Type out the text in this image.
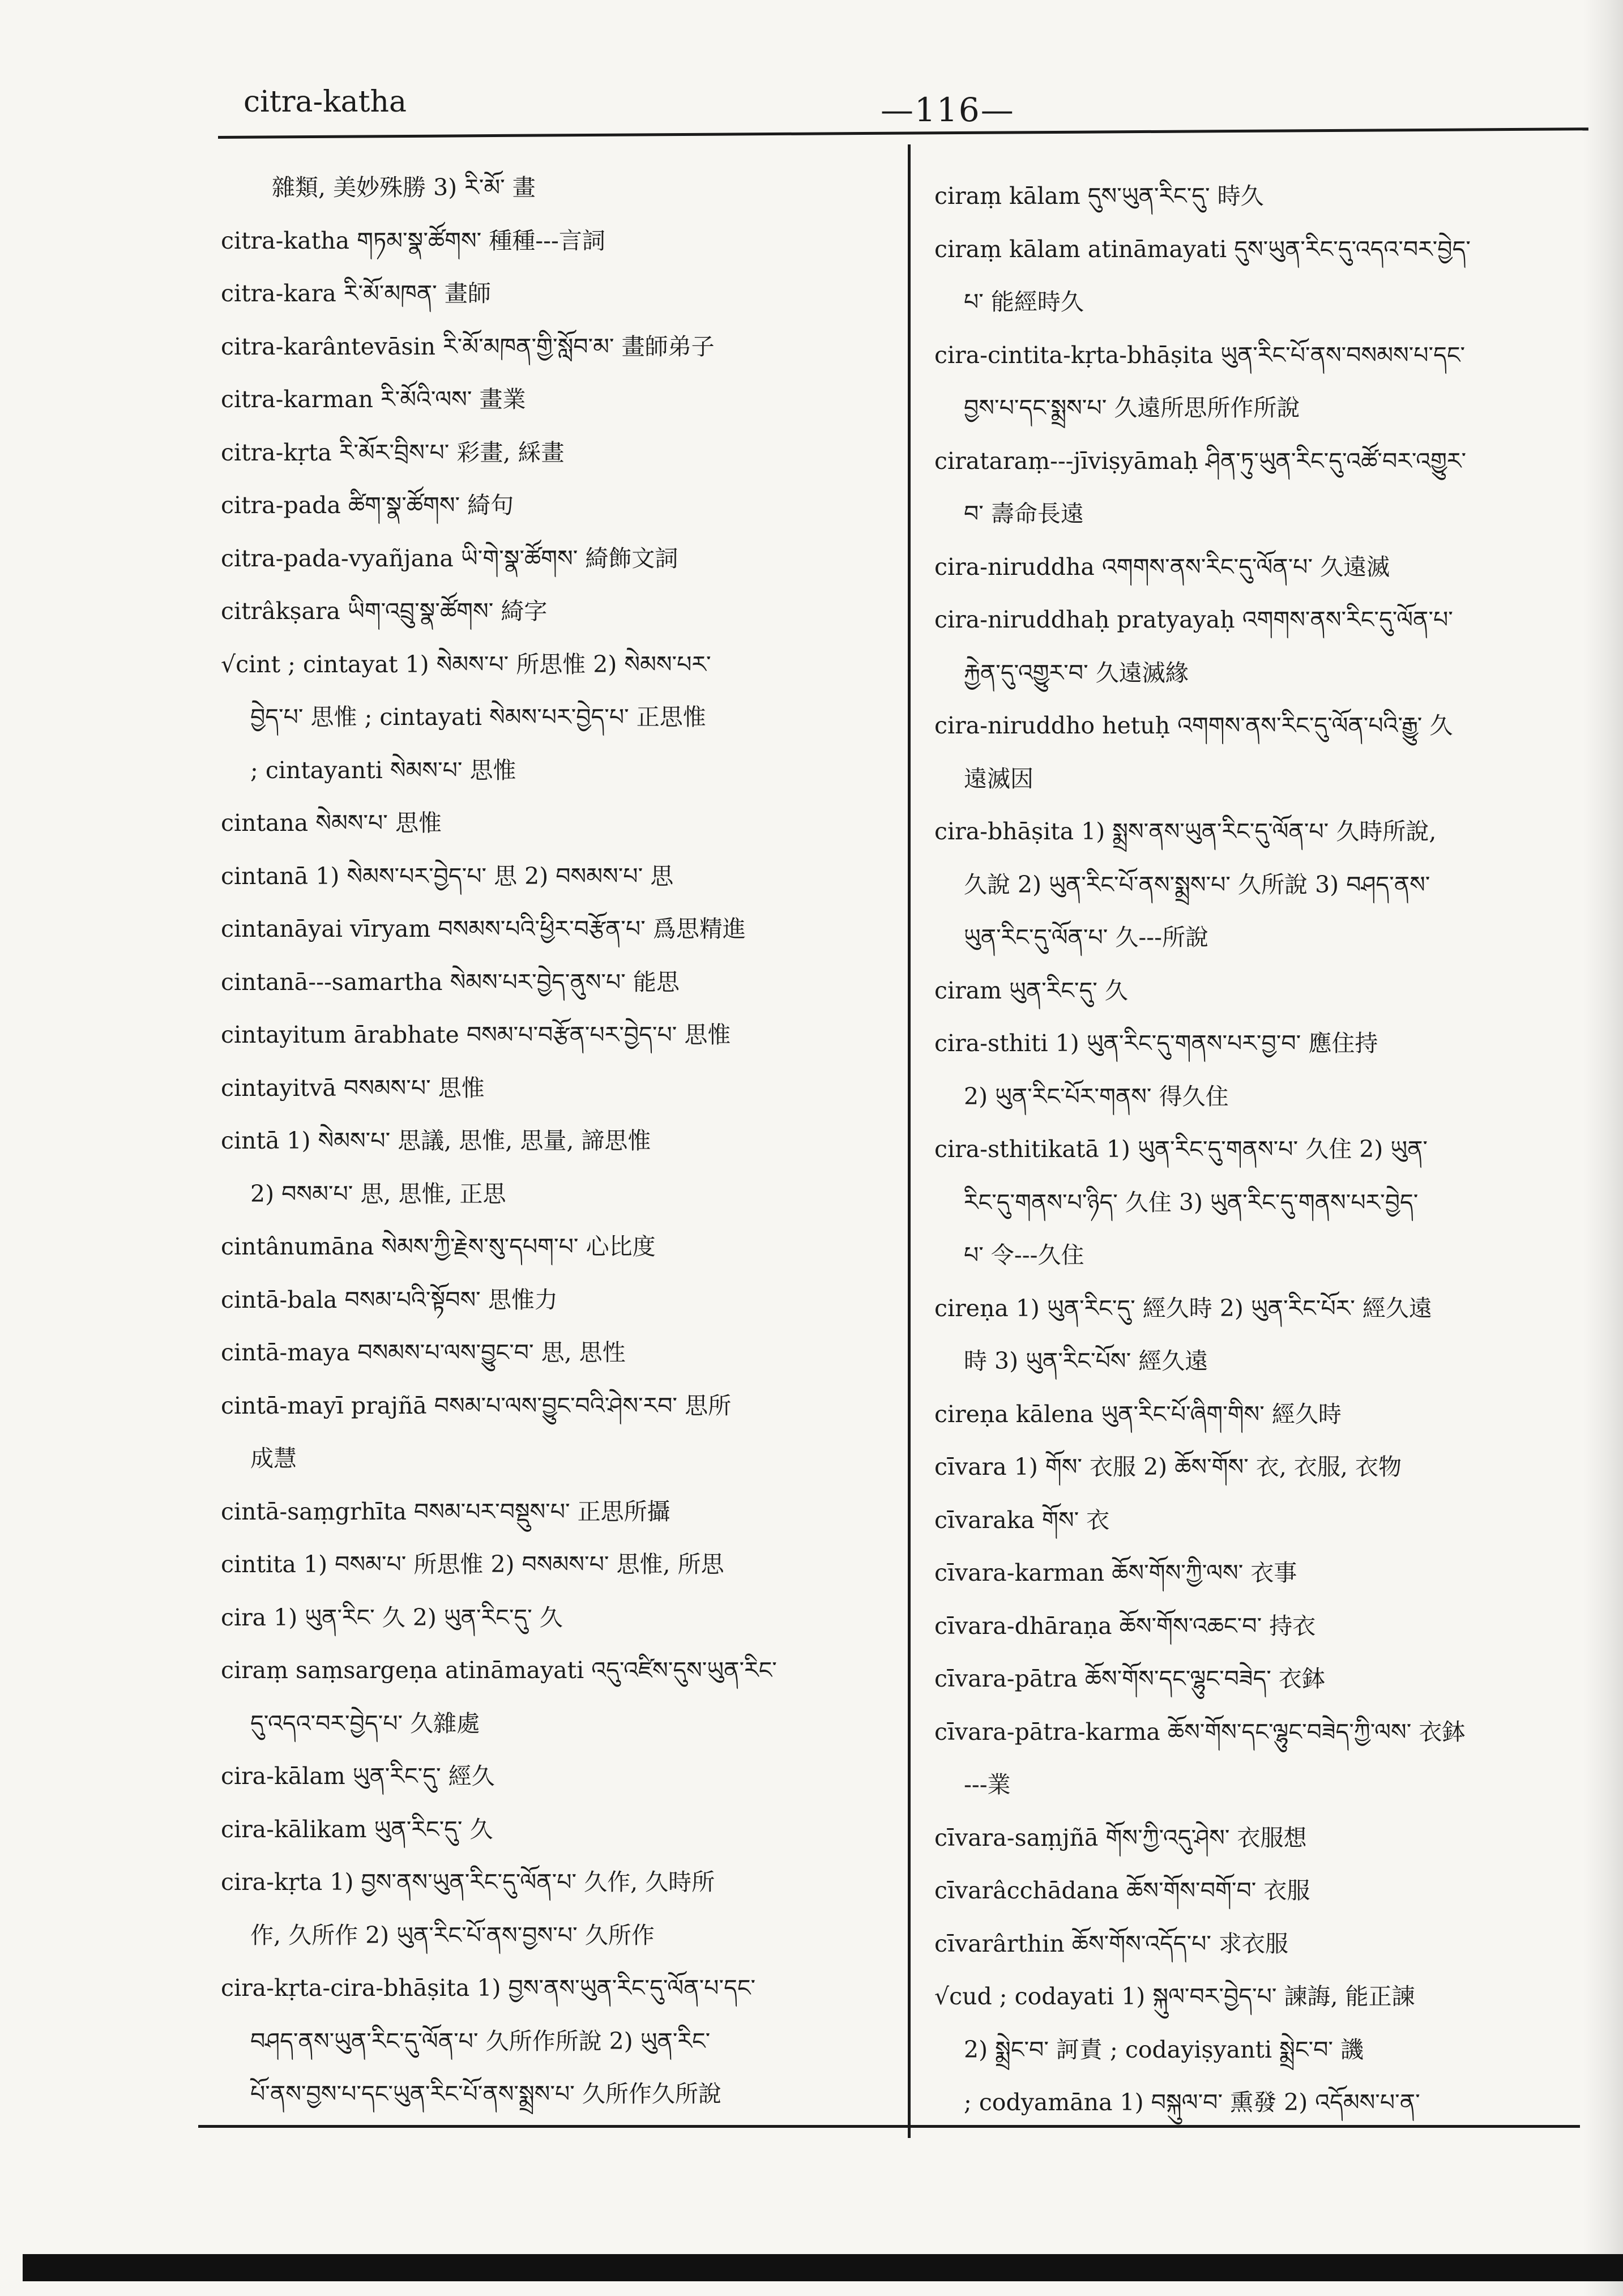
citra-katha	—116—
雜類, 美妙殊勝 3) རི་མོ་ 畫
citra-katha གཏམ་སྣ་ཚོགས་ 種種---言詞
citra-kara རི་མོ་མཁན་ 畫師
citra-karântevāsin རི་མོ་མཁན་གྱི་སློབ་མ་ 畫師弟子
citra-karman རི་མོའི་ལས་ 畫業
citra-kṛta རི་མོར་བྲིས་པ་ 彩畫, 綵畫
citra-pada ཚིག་སྣ་ཚོགས་ 綺句
citra-pada-vyañjana ཡི་གེ་སྣ་ཚོགས་ 綺飾文詞
citrâkṣara ཡིག་འབྲུ་སྣ་ཚོགས་ 綺字
√cint ; cintayat 1) སེམས་པ་ 所思惟 2) སེམས་པར་
བྱེད་པ་ 思惟 ; cintayati སེམས་པར་བྱེད་པ་ 正思惟
; cintayanti སེམས་པ་ 思惟
cintana སེམས་པ་ 思惟
cintanā 1) སེམས་པར་བྱེད་པ་ 思 2) བསམས་པ་ 思
cintanāyai vīryam བསམས་པའི་ཕྱིར་བརྩོན་པ་ 爲思精進
cintanā---samartha སེམས་པར་བྱེད་ནུས་པ་ 能思
cintayitum ārabhate བསམ་པ་བརྩོན་པར་བྱེད་པ་ 思惟
cintayitvā བསམས་པ་ 思惟
cintā 1) སེམས་པ་ 思議, 思惟, 思量, 諦思惟
2) བསམ་པ་ 思, 思惟, 正思
cintânumāna སེམས་ཀྱི་རྗེས་སུ་དཔག་པ་ 心比度
cintā-bala བསམ་པའི་སྟོབས་ 思惟力
cintā-maya བསམས་པ་ལས་བྱུང་བ་ 思, 思性
cintā-mayī prajñā བསམ་པ་ལས་བྱུང་བའི་ཤེས་རབ་ 思所
成慧
cintā-saṃgrhīta བསམ་པར་བསྡུས་པ་ 正思所攝
cintita 1) བསམ་པ་ 所思惟 2) བསམས་པ་ 思惟, 所思
cira 1) ཡུན་རིང་ 久 2) ཡུན་རིང་དུ་ 久
ciraṃ saṃsargeṇa atināmayati འདུ་འཛིས་དུས་ཡུན་རིང་
དུ་འདའ་བར་བྱེད་པ་ 久雜處
cira-kālam ཡུན་རིང་དུ་ 經久
cira-kālikam ཡུན་རིང་དུ་ 久
cira-kṛta 1) བྱས་ནས་ཡུན་རིང་དུ་ལོན་པ་ 久作, 久時所
作, 久所作 2) ཡུན་རིང་པོ་ནས་བྱས་པ་ 久所作
cira-kṛta-cira-bhāṣita 1) བྱས་ནས་ཡུན་རིང་དུ་ལོན་པ་དང་
བཤད་ནས་ཡུན་རིང་དུ་ལོན་པ་ 久所作所說 2) ཡུན་རིང་
པོ་ནས་བྱས་པ་དང་ཡུན་རིང་པོ་ནས་སྨྲས་པ་ 久所作久所說
ciraṃ kālam དུས་ཡུན་རིང་དུ་ 時久
ciraṃ kālam atināmayati དུས་ཡུན་རིང་དུ་འདའ་བར་བྱེད་
པ་ 能經時久
cira-cintita-kṛta-bhāṣita ཡུན་རིང་པོ་ནས་བསམས་པ་དང་
བྱས་པ་དང་སྨྲས་པ་ 久遠所思所作所說
cirataraṃ---jīviṣyāmaḥ ཤིན་ཏུ་ཡུན་རིང་དུ་འཚོ་བར་འགྱུར་
བ་ 壽命長遠
cira-niruddha འགགས་ནས་རིང་དུ་ལོན་པ་ 久遠滅
cira-niruddhaḥ pratyayaḥ འགགས་ནས་རིང་དུ་ལོན་པ་
རྐྱེན་དུ་འགྱུར་བ་ 久遠滅緣
cira-niruddho hetuḥ འགགས་ནས་རིང་དུ་ལོན་པའི་རྒྱུ་ 久
遠滅因
cira-bhāṣita 1) སྨྲས་ནས་ཡུན་རིང་དུ་ལོན་པ་ 久時所說,
久說 2) ཡུན་རིང་པོ་ནས་སྨྲས་པ་ 久所說 3) བཤད་ནས་
ཡུན་རིང་དུ་ལོན་པ་ 久---所說
ciram ཡུན་རིང་དུ་ 久
cira-sthiti 1) ཡུན་རིང་དུ་གནས་པར་བྱ་བ་ 應住持
2) ཡུན་རིང་པོར་གནས་ 得久住
cira-sthitikatā 1) ཡུན་རིང་དུ་གནས་པ་ 久住 2) ཡུན་
རིང་དུ་གནས་པ་ཉིད་ 久住 3) ཡུན་རིང་དུ་གནས་པར་བྱེད་
པ་ 令---久住
cireṇa 1) ཡུན་རིང་དུ་ 經久時 2) ཡུན་རིང་པོར་ 經久遠
時 3) ཡུན་རིང་པོས་ 經久遠
cireṇa kālena ཡུན་རིང་པོ་ཞིག་གིས་ 經久時
cīvara 1) གོས་ 衣服 2) ཆོས་གོས་ 衣, 衣服, 衣物
cīvaraka གོས་ 衣
cīvara-karman ཆོས་གོས་ཀྱི་ལས་ 衣事
cīvara-dhāraṇa ཆོས་གོས་འཆང་བ་ 持衣
cīvara-pātra ཆོས་གོས་དང་ལྷུང་བཟེད་ 衣鉢
cīvara-pātra-karma ཆོས་གོས་དང་ལྷུང་བཟེད་ཀྱི་ལས་ 衣鉢
---業
cīvara-saṃjñā གོས་ཀྱི་འདུ་ཤེས་ 衣服想
cīvarâcchādana ཆོས་གོས་བགོ་བ་ 衣服
cīvarârthin ཆོས་གོས་འདོད་པ་ 求衣服
√cud ; codayati 1) སྐུལ་བར་བྱེད་པ་ 諫誨, 能正諫
2) སྨྲེང་བ་ 訶責 ; codayiṣyanti སྨྲེང་བ་ 譏
; codyamāna 1) བསྐུལ་བ་ 熏發 2) འདོམས་པ་ན་
